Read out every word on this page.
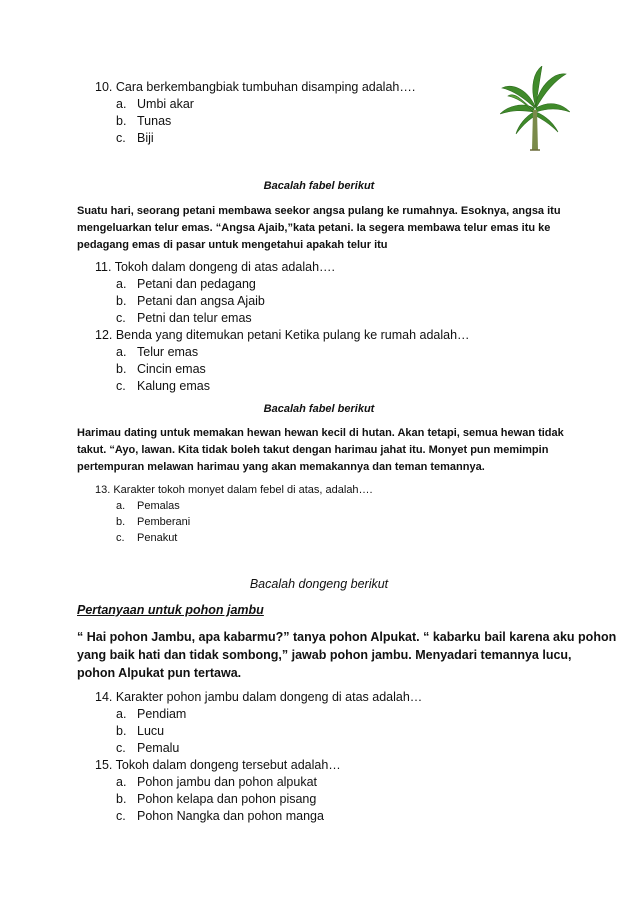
10. Cara berkembangbiak tumbuhan disamping adalah….
a. Umbi akar
b. Tunas
c. Biji
Bacalah fabel berikut
Suatu hari, seorang petani membawa seekor angsa pulang ke rumahnya. Esoknya, angsa itu
mengeluarkan telur emas. “Angsa Ajaib,”kata petani. Ia segera membawa telur emas itu ke
pedagang emas di pasar untuk mengetahui apakah telur itu
11. Tokoh dalam dongeng di atas adalah….
a. Petani dan pedagang
b. Petani dan angsa Ajaib
c. Petni dan telur emas
12. Benda yang ditemukan petani Ketika pulang ke rumah adalah…
a. Telur emas
b. Cincin emas
c. Kalung emas
Bacalah fabel berikut
Harimau dating untuk memakan hewan hewan kecil di hutan. Akan tetapi, semua hewan tidak
takut. “Ayo, lawan. Kita tidak boleh takut dengan harimau jahat itu. Monyet pun memimpin
pertempuran melawan harimau yang akan memakannya dan teman temannya.
13. Karakter tokoh monyet dalam febel di atas, adalah….
a. Pemalas
b. Pemberani
c. Penakut
Bacalah dongeng berikut
Pertanyaan untuk pohon jambu
“ Hai pohon Jambu, apa kabarmu?” tanya pohon Alpukat. “ kabarku bail karena aku pohon
yang baik hati dan tidak sombong,” jawab pohon jambu. Menyadari temannya lucu,
pohon Alpukat pun tertawa.
14. Karakter pohon jambu dalam dongeng di atas adalah…
a. Pendiam
b. Lucu
c. Pemalu
15. Tokoh dalam dongeng tersebut adalah…
a. Pohon jambu dan pohon alpukat
b. Pohon kelapa dan pohon pisang
c. Pohon Nangka dan pohon manga
